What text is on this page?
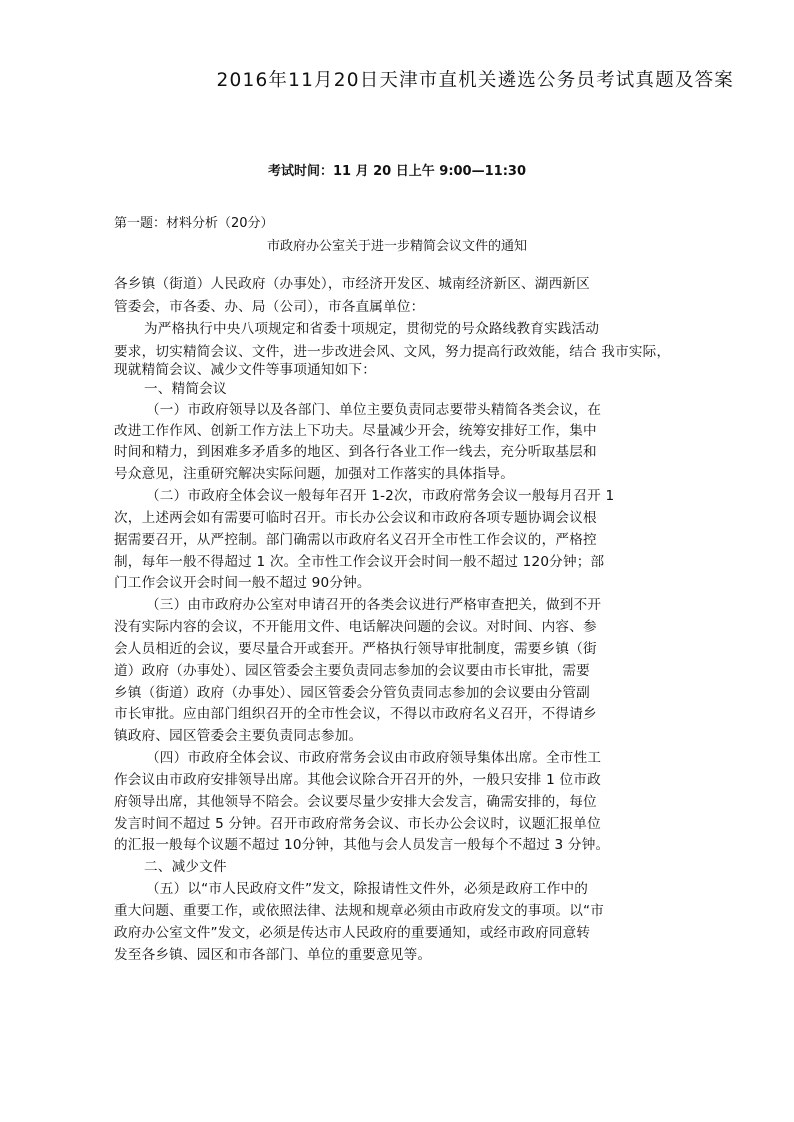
2016年11月20日天津市直机关遴选公务员考试真题及答案
考试时间：11 月 20 日上午 9:00—11:30
第一题：材料分析（20分）
市政府办公室关于进一步精简会议文件的通知
各乡镇（街道）人民政府（办事处），市经济开发区、城南经济新区、湖西新区
管委会，市各委、办、局（公司），市各直属单位：
为严格执行中央八项规定和省委十项规定，贯彻党的号众路线教育实践活动
要求，切实精简会议、文件，进一步改进会风、文风，努力提高行政效能，结合 我市实际，
现就精简会议、减少文件等事项通知如下：
一、精简会议
（一）市政府领导以及各部门、单位主要负责同志要带头精简各类会议，在
改进工作作风、创新工作方法上下功夫。尽量减少开会，统筹安排好工作，集中
时间和精力，到困难多矛盾多的地区、到各行各业工作一线去，充分听取基层和
号众意见，注重研究解决实际问题，加强对工作落实的具体指导。
（二）市政府全体会议一般每年召开 1-2次，市政府常务会议一般每月召开 1
次，上述两会如有需要可临时召开。市长办公会议和市政府各项专题协调会议根
据需要召开，从严控制。部门确需以市政府名义召开全市性工作会议的，严格控
制，每年一般不得超过 1 次。全市性工作会议开会时间一般不超过 120分钟；部
门工作会议开会时间一般不超过 90分钟。
（三）由市政府办公室对申请召开的各类会议进行严格审查把关，做到不开
没有实际内容的会议，不开能用文件、电话解决问题的会议。对时间、内容、参
会人员相近的会议，要尽量合开或套开。严格执行领导审批制度，需要乡镇（街
道）政府（办事处）、园区管委会主要负责同志参加的会议要由市长审批，需要
乡镇（街道）政府（办事处）、园区管委会分管负责同志参加的会议要由分管副
市长审批。应由部门组织召开的全市性会议，不得以市政府名义召开，不得请乡
镇政府、园区管委会主要负责同志参加。
（四）市政府全体会议、市政府常务会议由市政府领导集体出席。全市性工
作会议由市政府安排领导出席。其他会议除合开召开的外，一般只安排 1 位市政
府领导出席，其他领导不陪会。会议要尽量少安排大会发言，确需安排的，每位
发言时间不超过 5 分钟。召开市政府常务会议、市长办公会议时，议题汇报单位
的汇报一般每个议题不超过 10分钟，其他与会人员发言一般每个不超过 3 分钟。
二、减少文件
（五）以“市人民政府文件”发文，除报请性文件外，必须是政府工作中的
重大问题、重要工作，或依照法律、法规和规章必须由市政府发文的事项。以“市
政府办公室文件”发文，必须是传达市人民政府的重要通知，或经市政府同意转
发至各乡镇、园区和市各部门、单位的重要意见等。
